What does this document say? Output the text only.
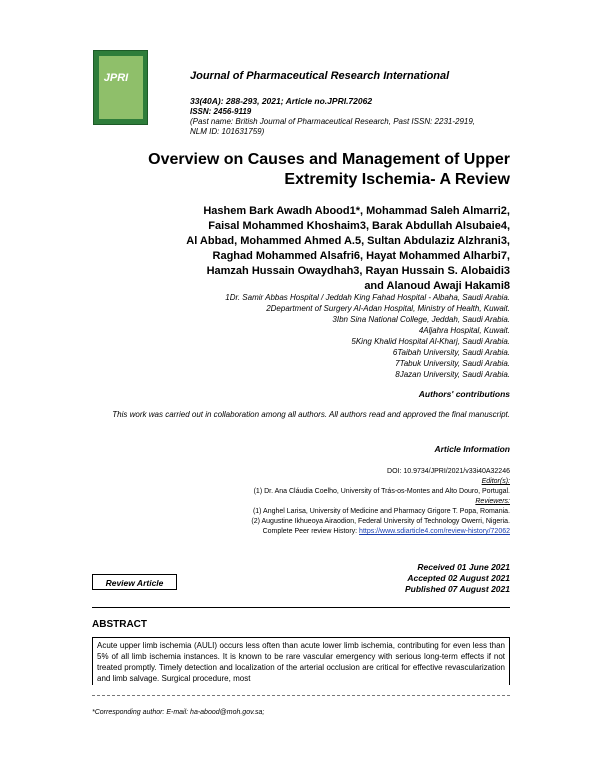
JPRI	Journal of Pharmaceutical Research International
33(40A): 288-293, 2021; Article no.JPRI.72062
ISSN: 2456-9119
(Past name: British Journal of Pharmaceutical Research, Past ISSN: 2231-2919,
NLM ID: 101631759)
Overview on Causes and Management of Upper
Extremity Ischemia- A Review
Hashem Bark Awadh Abood1*, Mohammad Saleh Almarri2,
Faisal Mohammed Khoshaim3, Barak Abdullah Alsubaie4,
Al Abbad, Mohammed Ahmed A.5, Sultan Abdulaziz Alzhrani3,
Raghad Mohammed Alsafri6, Hayat Mohammed Alharbi7,
Hamzah Hussain Owaydhah3, Rayan Hussain S. Alobaidi3
and Alanoud Awaji Hakami8
1Dr. Samir Abbas Hospital / Jeddah King Fahad Hospital - Albaha, Saudi Arabia.
2Department of Surgery Al-Adan Hospital, Ministry of Health, Kuwait.
3Ibn Sina National College, Jeddah, Saudi Arabia.
4Aljahra Hospital, Kuwait.
5King Khalid Hospital Al-Kharj, Saudi Arabia.
6Taibah University, Saudi Arabia.
7Tabuk University, Saudi Arabia.
8Jazan University, Saudi Arabia.
Authors' contributions
This work was carried out in collaboration among all authors. All authors read and approved the final manuscript.
Article Information
DOI: 10.9734/JPRI/2021/v33i40A32246
Editor(s):
(1) Dr. Ana Cláudia Coelho, University of Trás-os-Montes and Alto Douro, Portugal.
Reviewers:
(1) Anghel Larisa, University of Medicine and Pharmacy Grigore T. Popa, Romania.
(2) Augustine Ikhueoya Airaodion, Federal University of Technology Owerri, Nigeria.
Complete Peer review History: https://www.sdiarticle4.com/review-history/72062
Review Article
Received 01 June 2021
Accepted 02 August 2021
Published 07 August 2021
ABSTRACT
Acute upper limb ischemia (AULI) occurs less often than acute lower limb ischemia, contributing for even less than 5% of all limb ischemia instances. It is known to be rare vascular emergency with serious long-term effects if not treated promptly. Timely detection and localization of the arterial occlusion are critical for effective revascularization and limb salvage. Surgical procedure, most
*Corresponding author: E-mail: ha-abood@moh.gov.sa;
